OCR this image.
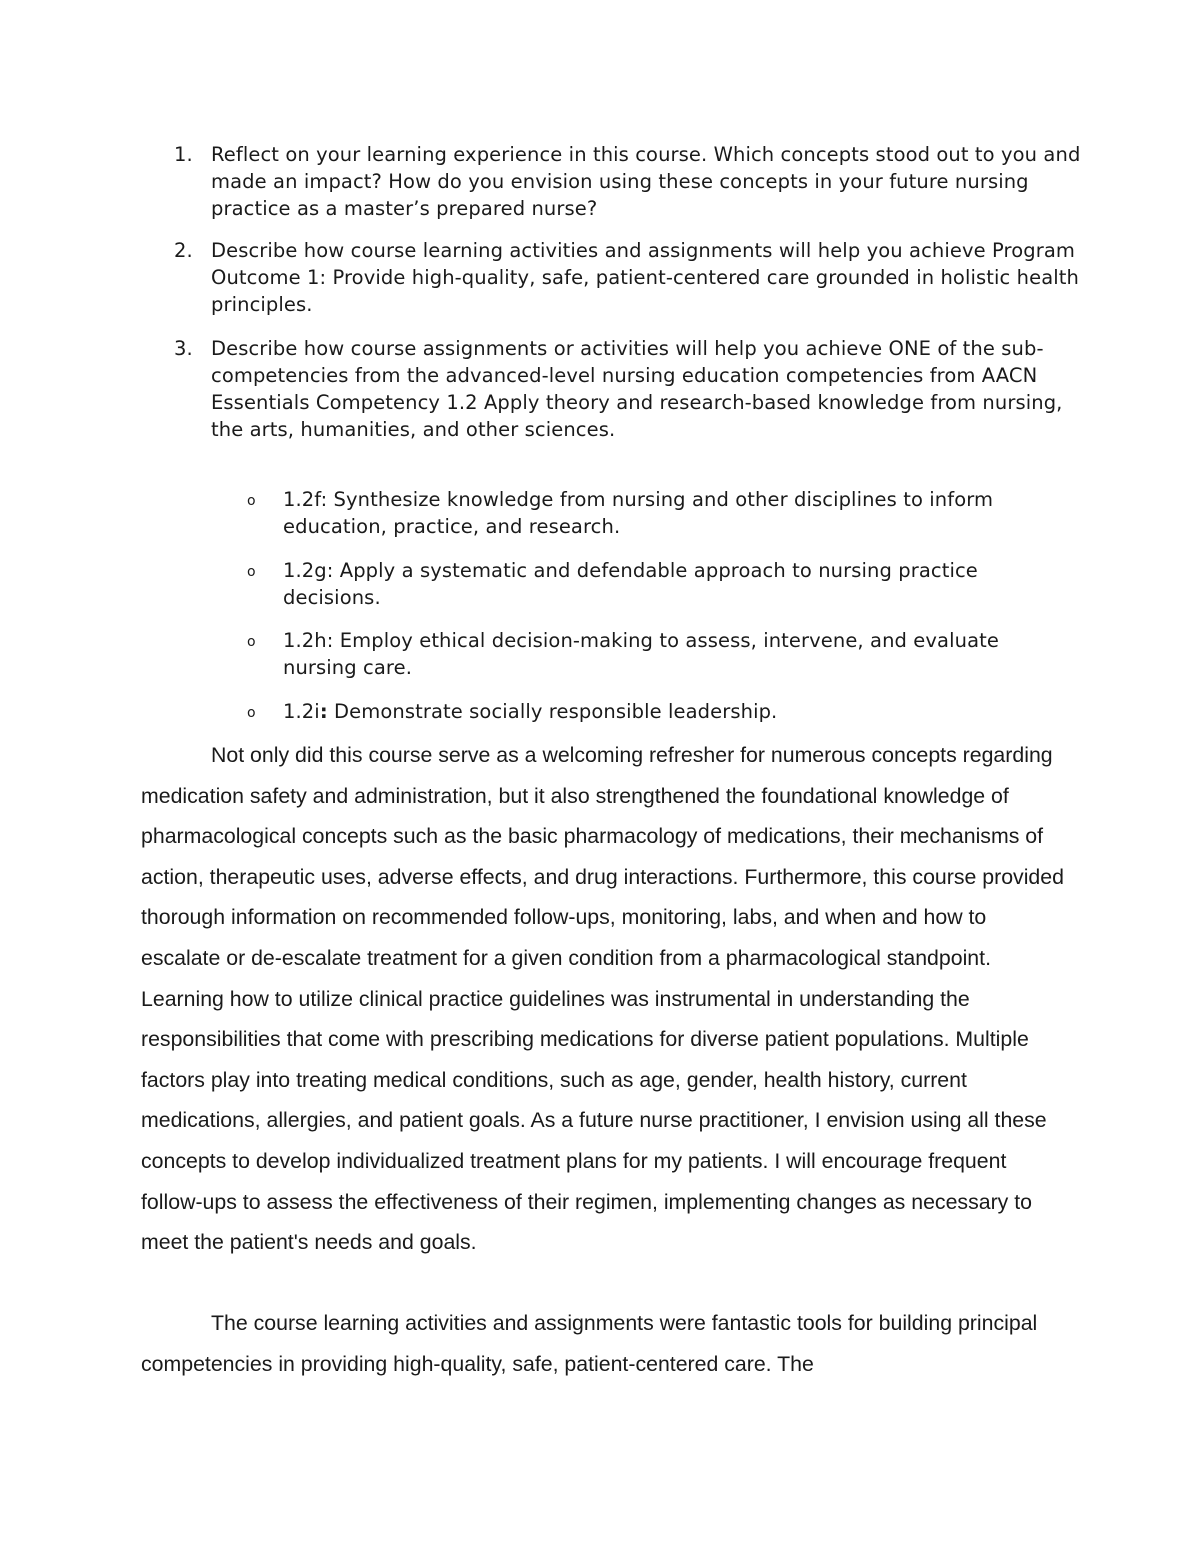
1. Reflect on your learning experience in this course. Which concepts stood out to you and made an impact? How do you envision using these concepts in your future nursing practice as a master’s prepared nurse?
2. Describe how course learning activities and assignments will help you achieve Program Outcome 1: Provide high-quality, safe, patient-centered care grounded in holistic health principles.
3. Describe how course assignments or activities will help you achieve ONE of the sub-competencies from the advanced-level nursing education competencies from AACN Essentials Competency 1.2 Apply theory and research-based knowledge from nursing, the arts, humanities, and other sciences.
o 1.2f: Synthesize knowledge from nursing and other disciplines to inform education, practice, and research.
o 1.2g: Apply a systematic and defendable approach to nursing practice decisions.
o 1.2h: Employ ethical decision-making to assess, intervene, and evaluate nursing care.
o 1.2i: Demonstrate socially responsible leadership.

Not only did this course serve as a welcoming refresher for numerous concepts regarding medication safety and administration, but it also strengthened the foundational knowledge of pharmacological concepts such as the basic pharmacology of medications, their mechanisms of action, therapeutic uses, adverse effects, and drug interactions. Furthermore, this course provided thorough information on recommended follow-ups, monitoring, labs, and when and how to escalate or de-escalate treatment for a given condition from a pharmacological standpoint. Learning how to utilize clinical practice guidelines was instrumental in understanding the responsibilities that come with prescribing medications for diverse patient populations. Multiple factors play into treating medical conditions, such as age, gender, health history, current medications, allergies, and patient goals. As a future nurse practitioner, I envision using all these concepts to develop individualized treatment plans for my patients. I will encourage frequent follow-ups to assess the effectiveness of their regimen, implementing changes as necessary to meet the patient's needs and goals.

The course learning activities and assignments were fantastic tools for building principal competencies in providing high-quality, safe, patient-centered care. The
